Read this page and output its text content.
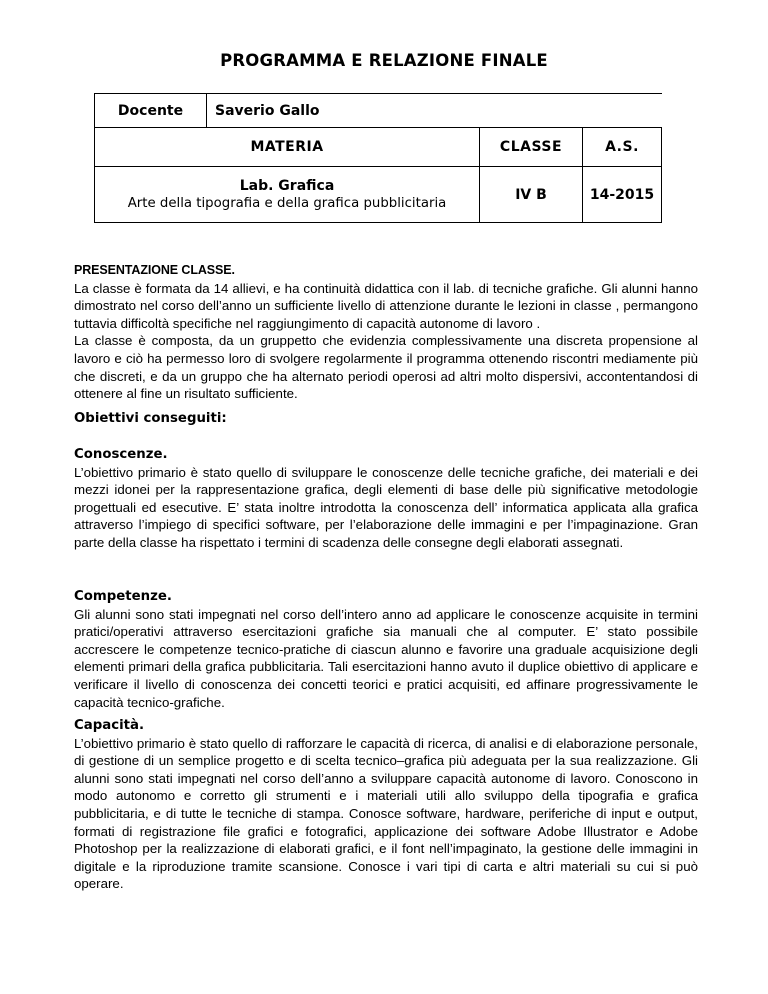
PROGRAMMA E RELAZIONE FINALE
Docente	Saverio Gallo		
MATERIA		CLASSE	A.S.

Lab. Grafica
Arte della tipografia e della grafica pubblicitaria		IV B	14-2015
PRESENTAZIONE CLASSE.

La classe è formata da 14 allievi, e ha continuità didattica con il lab. di tecniche grafiche. Gli alunni hanno dimostrato nel corso dell’anno un sufficiente livello di attenzione durante le lezioni in classe , permangono tuttavia difficoltà specifiche nel raggiungimento di capacità autonome di lavoro .

La classe è composta, da un gruppetto che evidenzia complessivamente una discreta propensione al lavoro e ciò ha permesso loro di svolgere regolarmente il programma ottenendo riscontri mediamente più che discreti, e da un gruppo che ha alternato periodi operosi ad altri molto dispersivi, accontentandosi di ottenere al fine un risultato sufficiente.

Obiettivi conseguiti:
Conoscenze.

L’obiettivo primario è stato quello di sviluppare le conoscenze delle tecniche grafiche, dei materiali e dei mezzi idonei per la rappresentazione grafica, degli elementi di base delle più significative metodologie progettuali ed esecutive. E’ stata inoltre introdotta la conoscenza dell’ informatica applicata alla grafica attraverso l’impiego di specifici software, per l’elaborazione delle immagini e per l’impaginazione. Gran parte della classe ha rispettato i termini di scadenza delle consegne degli elaborati assegnati.

Competenze.

Gli alunni sono stati impegnati nel corso dell’intero anno ad applicare le conoscenze acquisite in termini pratici/operativi attraverso esercitazioni grafiche sia manuali che al computer. E’ stato possibile accrescere le competenze tecnico-pratiche di ciascun alunno e favorire una graduale acquisizione degli elementi primari della grafica pubblicitaria. Tali esercitazioni hanno avuto il duplice obiettivo di applicare e verificare il livello di conoscenza dei concetti teorici e pratici acquisiti, ed affinare progressivamente le capacità tecnico-grafiche.

Capacità.

L’obiettivo primario è stato quello di rafforzare le capacità di ricerca, di analisi e di elaborazione personale, di gestione di un semplice progetto e di scelta tecnico–grafica più adeguata per la sua realizzazione. Gli alunni sono stati impegnati nel corso dell’anno a sviluppare capacità autonome di lavoro. Conoscono in modo autonomo e corretto gli strumenti e i materiali utili allo sviluppo della tipografia e grafica pubblicitaria, e di tutte le tecniche di stampa. Conosce software, hardware, periferiche di input e output, formati di registrazione file grafici e fotografici, applicazione dei software Adobe Illustrator e Adobe Photoshop per la realizzazione di elaborati grafici, e il font nell’impaginato, la gestione delle immagini in digitale e la riproduzione tramite scansione. Conosce i vari tipi di carta e altri materiali su cui si può operare.
